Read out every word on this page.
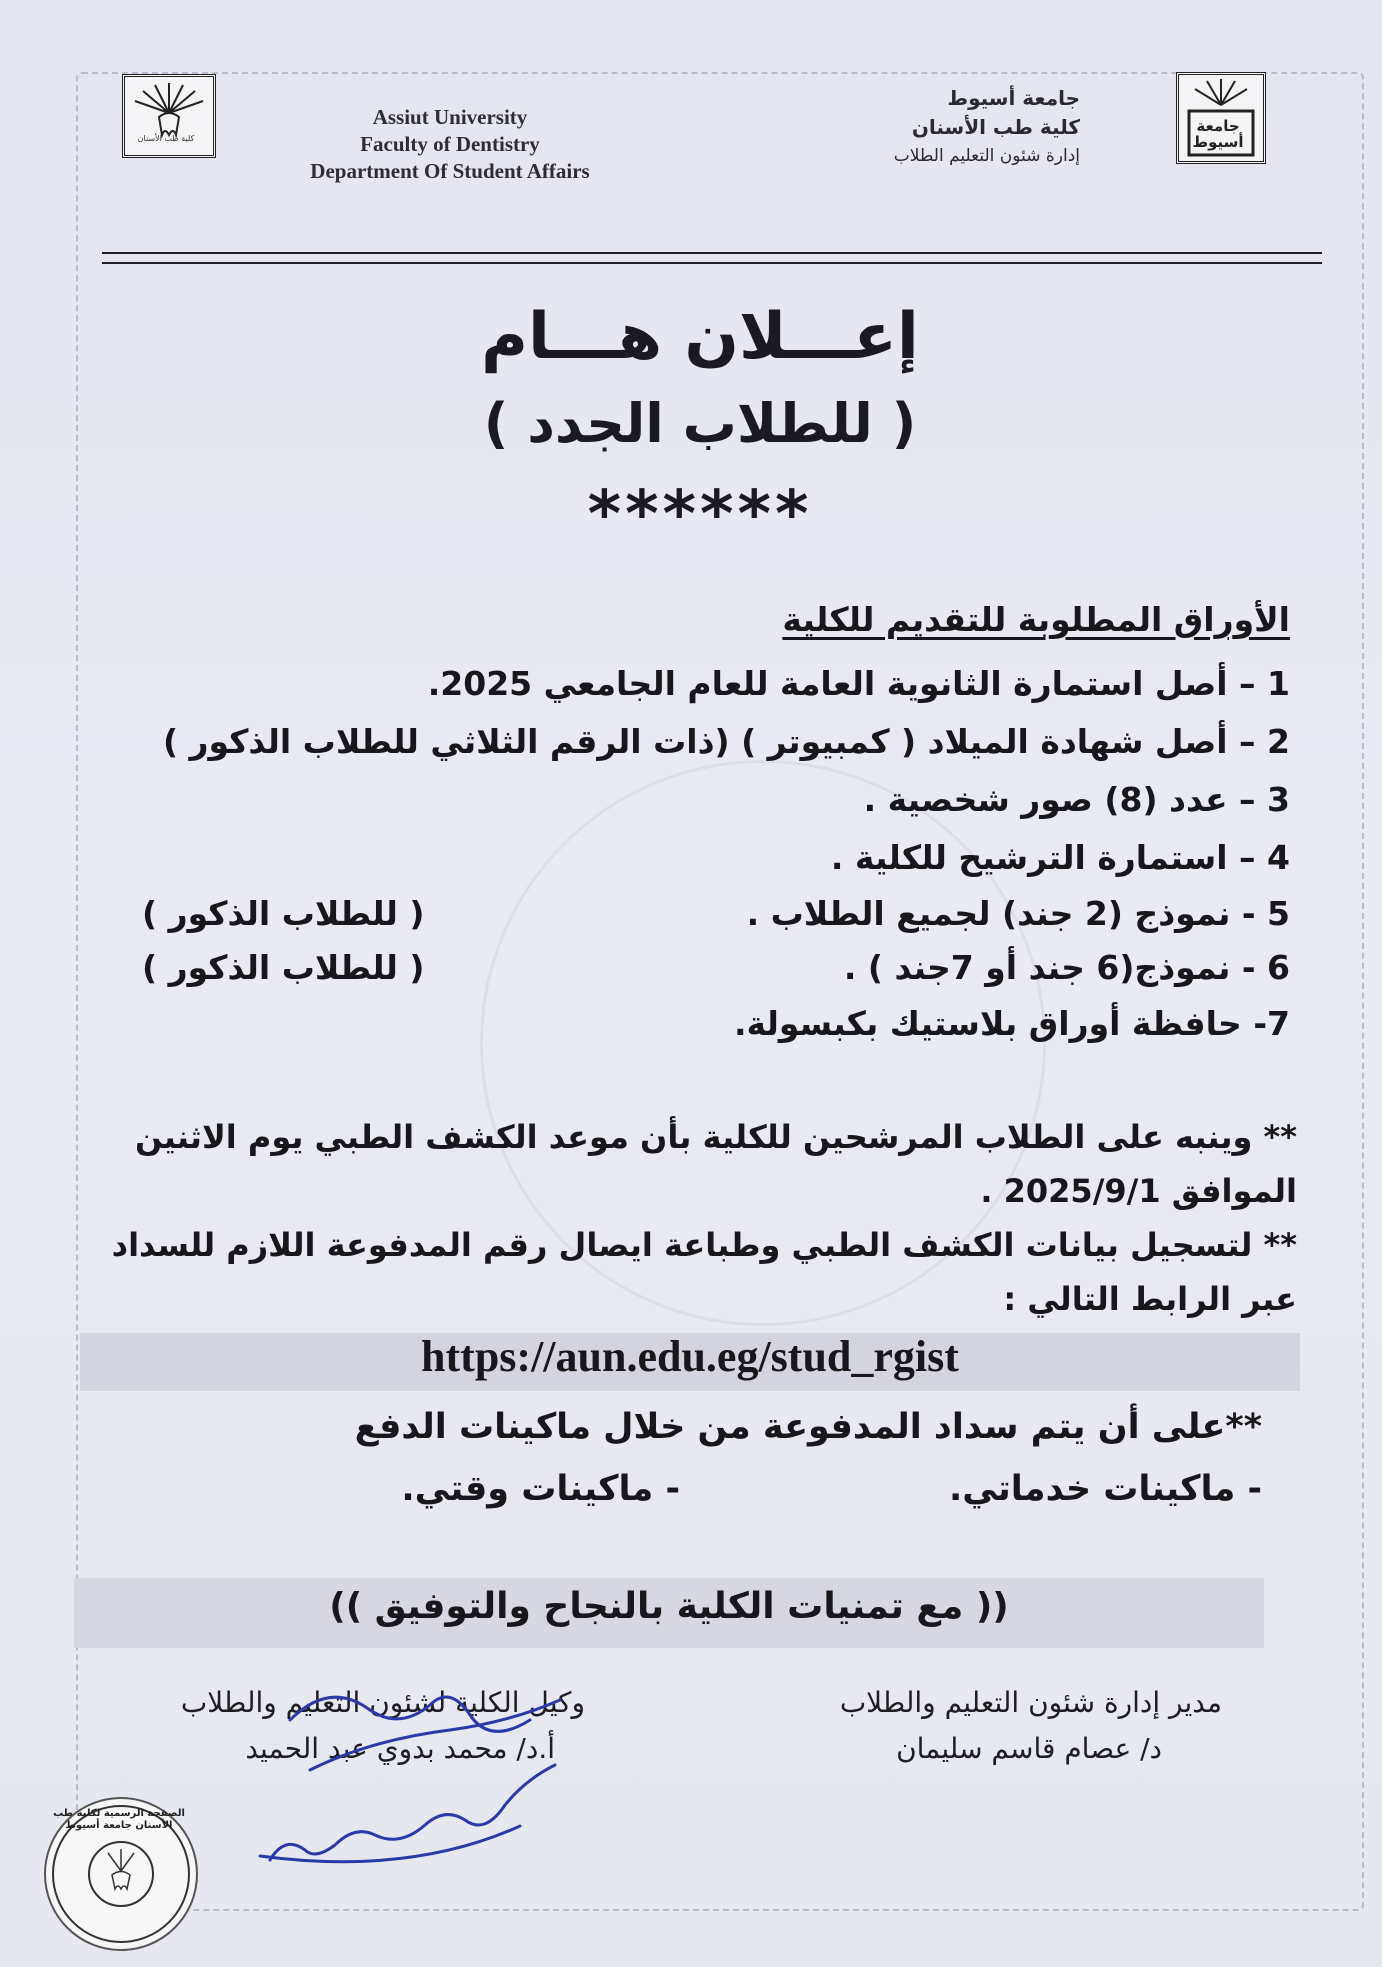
كلية طب الأسنان
جامعة أسيوط
Assiut University
Faculty of Dentistry
Department Of Student Affairs
جامعة أسيوط
كلية طب الأسنان
إدارة شئون التعليم الطلاب
إعـــلان هـــام
( للطلاب الجدد )
******
الأوراق المطلوبة للتقديم للكلية
1 – أصل استمارة الثانوية العامة للعام الجامعي 2025.
2 – أصل شهادة الميلاد ( كمبيوتر ) (ذات الرقم الثلاثي للطلاب الذكور )
3 – عدد (8) صور شخصية .
4 – استمارة الترشيح للكلية .
5 - نموذج (2 جند) لجميع الطلاب .
( للطلاب الذكور )
6 - نموذج(6 جند أو 7جند ) .
( للطلاب الذكور )
7- حافظة أوراق بلاستيك بكبسولة.
** وينبه على الطلاب المرشحين للكلية بأن موعد الكشف الطبي يوم الاثنين
الموافق 2025/9/1 .
** لتسجيل بيانات الكشف الطبي وطباعة ايصال رقم المدفوعة اللازم للسداد
عبر الرابط التالي :
https://aun.edu.eg/stud_rgist
**على أن يتم سداد المدفوعة من خلال ماكينات الدفع
- ماكينات خدماتي.
- ماكينات وقتي.
(( مع تمنيات الكلية بالنجاح والتوفيق ))
مدير إدارة شئون التعليم والطلاب
د/ عصام قاسم سليمان
وكيل الكلية لشئون التعليم والطلاب
أ.د/ محمد بدوي عبد الحميد
الصفحة الرسمية لكلية طب الأسنان جامعة أسيوط
